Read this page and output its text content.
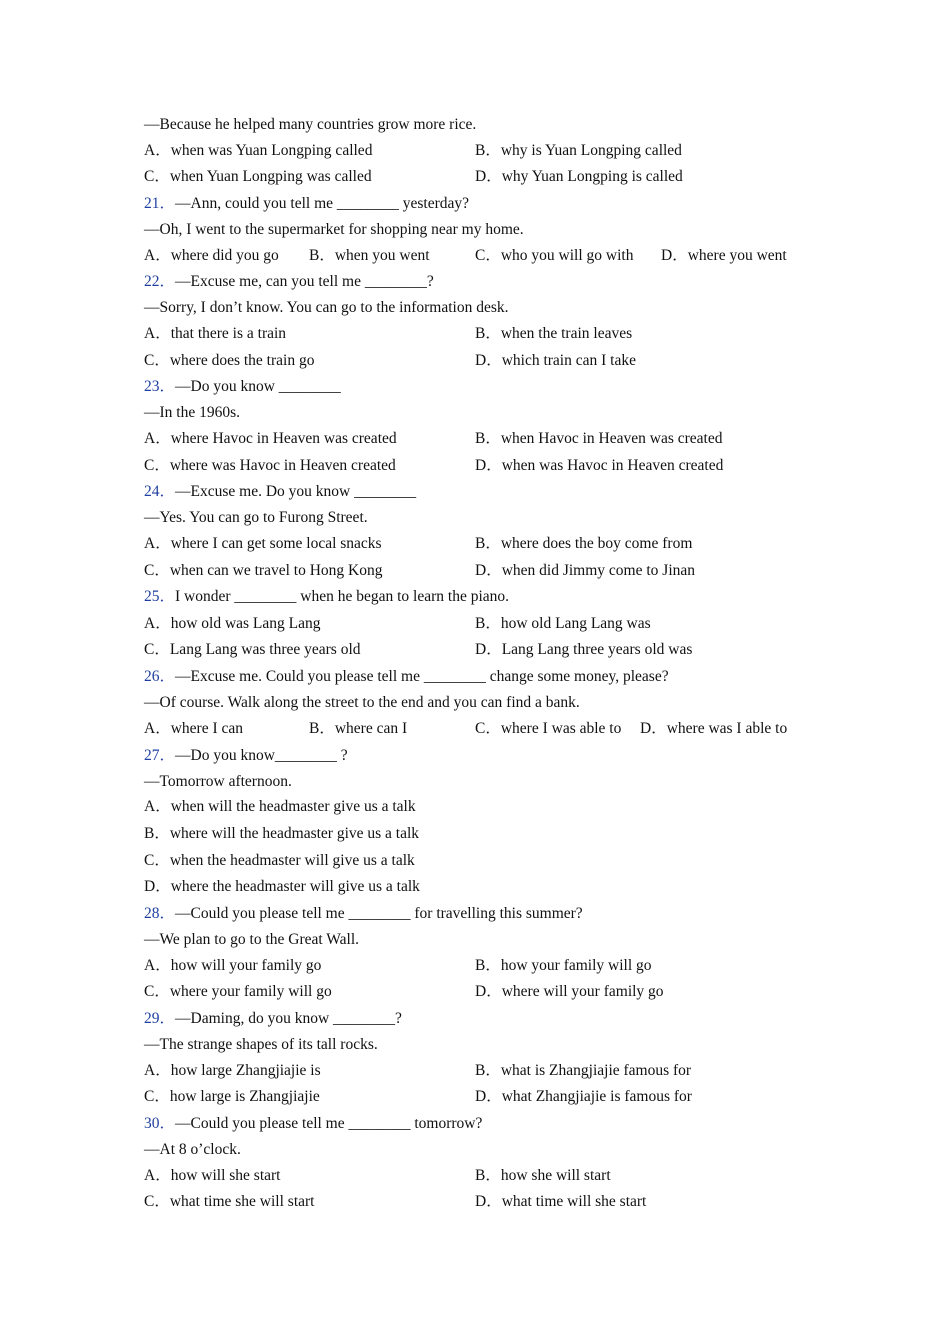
—Because he helped many countries grow more rice.
A．when was Yuan Longping called	B．why is Yuan Longping called
C．when Yuan Longping was called	D．why Yuan Longping is called
21．—Ann, could you tell me ________ yesterday?
—Oh, I went to the supermarket for shopping near my home.
A．where did you go B．when you went	C．who you will go with D．where you went
22．—Excuse me, can you tell me ________?
—Sorry, I don’t know. You can go to the information desk.
A．that there is a train	B．when the train leaves
C．where does the train go	D．which train can I take
23．—Do you know ________
—In the 1960s.
A．where Havoc in Heaven was created	B．when Havoc in Heaven was created
C．where was Havoc in Heaven created	D．when was Havoc in Heaven created
24．—Excuse me. Do you know ________
—Yes. You can go to Furong Street.
A．where I can get some local snacks	B．where does the boy come from
C．when can we travel to Hong Kong	D．when did Jimmy come to Jinan
25．I wonder ________ when he began to learn the piano.
A．how old was Lang Lang	B．how old Lang Lang was
C．Lang Lang was three years old	D．Lang Lang three years old was
26．—Excuse me. Could you please tell me ________ change some money, please?
—Of course. Walk along the street to the end and you can find a bank.
A．where I can	B．where can I	C．where I was able to D．where was I able to
27．—Do you know________ ?
—Tomorrow afternoon.
A．when will the headmaster give us a talk
B．where will the headmaster give us a talk
C．when the headmaster will give us a talk
D．where the headmaster will give us a talk
28．—Could you please tell me ________ for travelling this summer?
—We plan to go to the Great Wall.
A．how will your family go	B．how your family will go
C．where your family will go	D．where will your family go
29．—Daming, do you know ________?
—The strange shapes of its tall rocks.
A．how large Zhangjiajie is	B．what is Zhangjiajie famous for
C．how large is Zhangjiajie	D．what Zhangjiajie is famous for
30．—Could you please tell me ________ tomorrow?
—At 8 o’clock.
A．how will she start	B．how she will start
C．what time she will start	D．what time will she start
